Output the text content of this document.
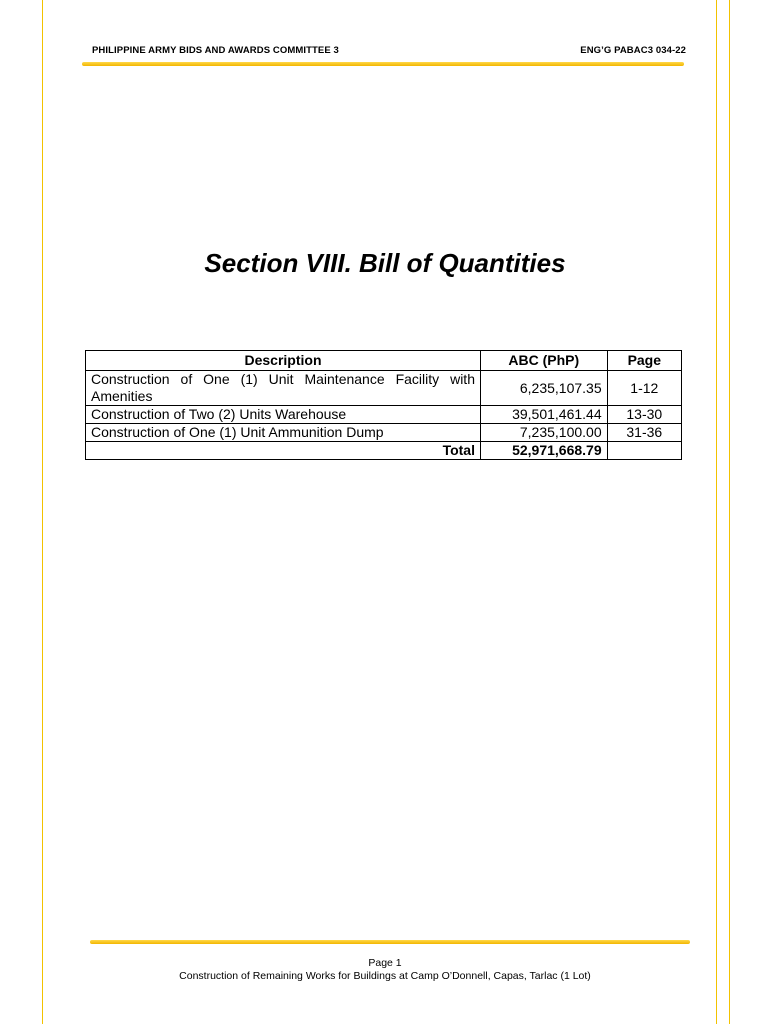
PHILIPPINE ARMY BIDS AND AWARDS COMMITTEE 3	ENG’G PABAC3 034-22
Section VIII. Bill of Quantities
Description	ABC (PhP)	Page
Construction of One (1) Unit Maintenance Facility with Amenities	6,235,107.35	1-12
Construction of Two (2) Units Warehouse	39,501,461.44	13-30
Construction of One (1) Unit Ammunition Dump	7,235,100.00	31-36
Total	52,971,668.79	
Page 1
Construction of Remaining Works for Buildings at Camp O’Donnell, Capas, Tarlac (1 Lot)
